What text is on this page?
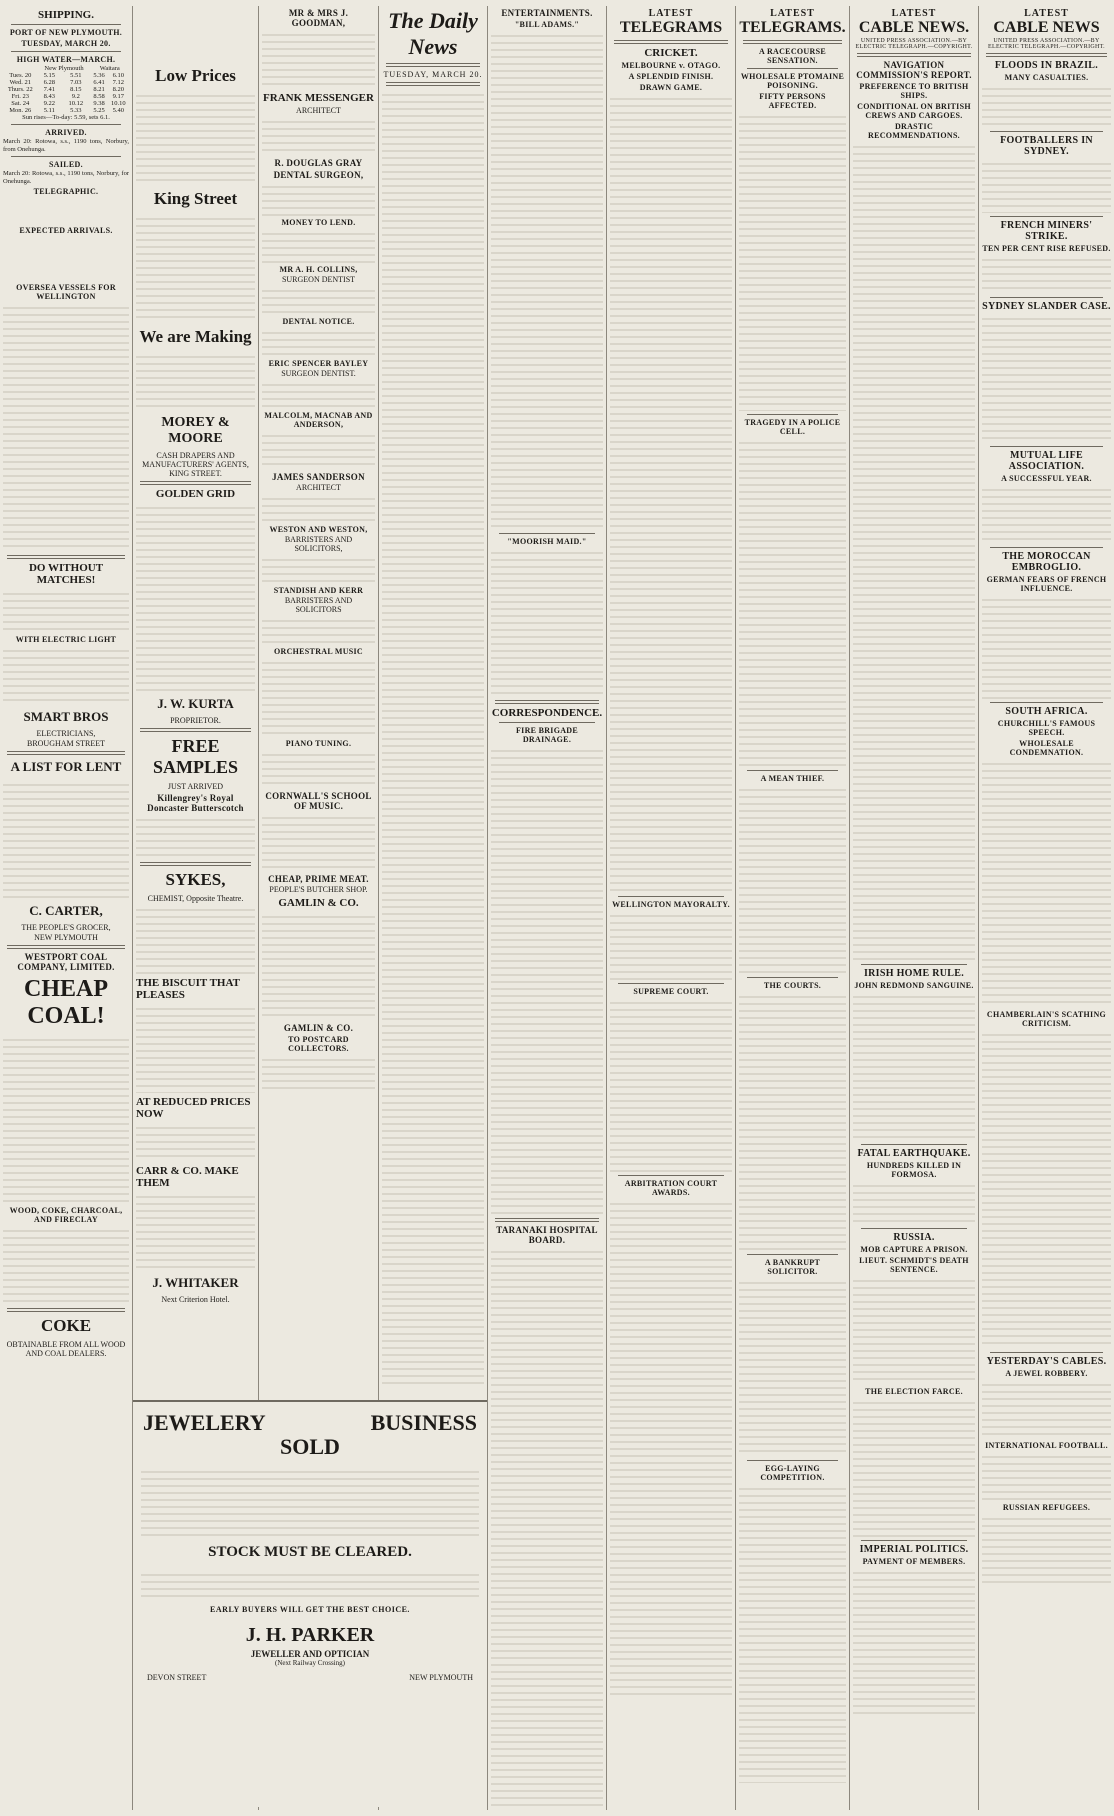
SHIPPING.
PORT OF NEW PLYMOUTH.
TUESDAY, MARCH 20.
HIGH WATER—MARCH.
	New Plymouth		Waitara	
Tues. 20	5.15	5.51	5.36	6.10
Wed. 21	6.28	7.03	6.41	7.12
Thurs. 22	7.41	8.15	8.21	8.20
Fri. 23	8.43	9.2	8.58	9.17
Sat. 24	9.22	10.12	9.38	10.10
Mon. 26	5.11	5.33	5.25	5.40

Sun rises—To-day: 5.59, sets 6.1.

ARRIVED.

March 20: Rotowa, s.s., 1190 tons, Norbury, from Onehunga.

SAILED.

March 20: Rotowa, s.s., 1190 tons, Norbury, for Onehunga.

TELEGRAPHIC.

EXPECTED ARRIVALS.

OVERSEA VESSELS FOR WELLINGTON
DO WITHOUT MATCHES!
WITH ELECTRIC LIGHT
SMART BROS

ELECTRICIANS,

BROUGHAM STREET

A LIST FOR LENT
C. CARTER,

THE PEOPLE'S GROCER,

NEW PLYMOUTH

WESTPORT COAL COMPANY, LIMITED.
CHEAP
COAL!
WOOD, COKE, CHARCOAL, AND FIRECLAY
COKE

OBTAINABLE FROM ALL WOOD AND COAL DEALERS.

Low Prices
King Street
We are Making
MOREY & MOORE

CASH DRAPERS AND MANUFACTURERS' AGENTS, KING STREET.

GOLDEN GRID
J. W. KURTA

PROPRIETOR.

FREE SAMPLES

JUST ARRIVED

Killengrey's Royal Doncaster Butterscotch
SYKES,

CHEMIST, Opposite Theatre.

THE BISCUIT THAT PLEASES
AT REDUCED PRICES NOW
CARR & CO. MAKE THEM
J. WHITAKER

Next Criterion Hotel.

MR & MRS J. GOODMAN,
FRANK MESSENGER

ARCHITECT

R. DOUGLAS GRAY
DENTAL SURGEON,
MONEY TO LEND.
MR A. H. COLLINS,

SURGEON DENTIST

DENTAL NOTICE.
ERIC SPENCER BAYLEY

SURGEON DENTIST.

MALCOLM, MACNAB AND ANDERSON,
JAMES SANDERSON

ARCHITECT

WESTON AND WESTON,

BARRISTERS AND SOLICITORS,

STANDISH AND KERR

BARRISTERS AND SOLICITORS

ORCHESTRAL MUSIC
PIANO TUNING.
CORNWALL'S SCHOOL OF MUSIC.
CHEAP, PRIME MEAT.

PEOPLE'S BUTCHER SHOP.

GAMLIN & CO.
GAMLIN & CO.
TO POSTCARD COLLECTORS.
JEWELERY	BUSINESS
SOLD
STOCK MUST BE CLEARED.
EARLY BUYERS WILL GET THE BEST CHOICE.
J. H. PARKER
JEWELLER AND OPTICIAN
(Next Railway Crossing)
DEVON STREET	NEW PLYMOUTH
The Daily News

TUESDAY, MARCH 20.

ENTERTAINMENTS.
"BILL ADAMS."
"MOORISH MAID."
CORRESPONDENCE.
FIRE BRIGADE DRAINAGE.
TARANAKI HOSPITAL BOARD.

LATEST

TELEGRAMS
CRICKET.
MELBOURNE v. OTAGO.
A SPLENDID FINISH.
DRAWN GAME.
WELLINGTON MAYORALTY.
SUPREME COURT.
ARBITRATION COURT AWARDS.

LATEST

TELEGRAMS.
A RACECOURSE SENSATION.
WHOLESALE PTOMAINE POISONING.
FIFTY PERSONS AFFECTED.
TRAGEDY IN A POLICE CELL.
A MEAN THIEF.
THE COURTS.
A BANKRUPT SOLICITOR.
EGG-LAYING COMPETITION.

LATEST

CABLE NEWS.

UNITED PRESS ASSOCIATION.—BY ELECTRIC TELEGRAPH.—COPYRIGHT.

NAVIGATION COMMISSION'S REPORT.
PREFERENCE TO BRITISH SHIPS.
CONDITIONAL ON BRITISH CREWS AND CARGOES.
DRASTIC RECOMMENDATIONS.
IRISH HOME RULE.
JOHN REDMOND SANGUINE.
FATAL EARTHQUAKE.
HUNDREDS KILLED IN FORMOSA.
RUSSIA.
MOB CAPTURE A PRISON.
LIEUT. SCHMIDT'S DEATH SENTENCE.
THE ELECTION FARCE.
IMPERIAL POLITICS.
PAYMENT OF MEMBERS.

LATEST

CABLE NEWS

UNITED PRESS ASSOCIATION.—BY ELECTRIC TELEGRAPH.—COPYRIGHT.

FLOODS IN BRAZIL.
MANY CASUALTIES.
FOOTBALLERS IN SYDNEY.
FRENCH MINERS' STRIKE.
TEN PER CENT RISE REFUSED.
SYDNEY SLANDER CASE.
MUTUAL LIFE ASSOCIATION.
A SUCCESSFUL YEAR.
THE MOROCCAN EMBROGLIO.
GERMAN FEARS OF FRENCH INFLUENCE.
SOUTH AFRICA.
CHURCHILL'S FAMOUS SPEECH.
WHOLESALE CONDEMNATION.
CHAMBERLAIN'S SCATHING CRITICISM.
YESTERDAY'S CABLES.
A JEWEL ROBBERY.
INTERNATIONAL FOOTBALL.
RUSSIAN REFUGEES.
